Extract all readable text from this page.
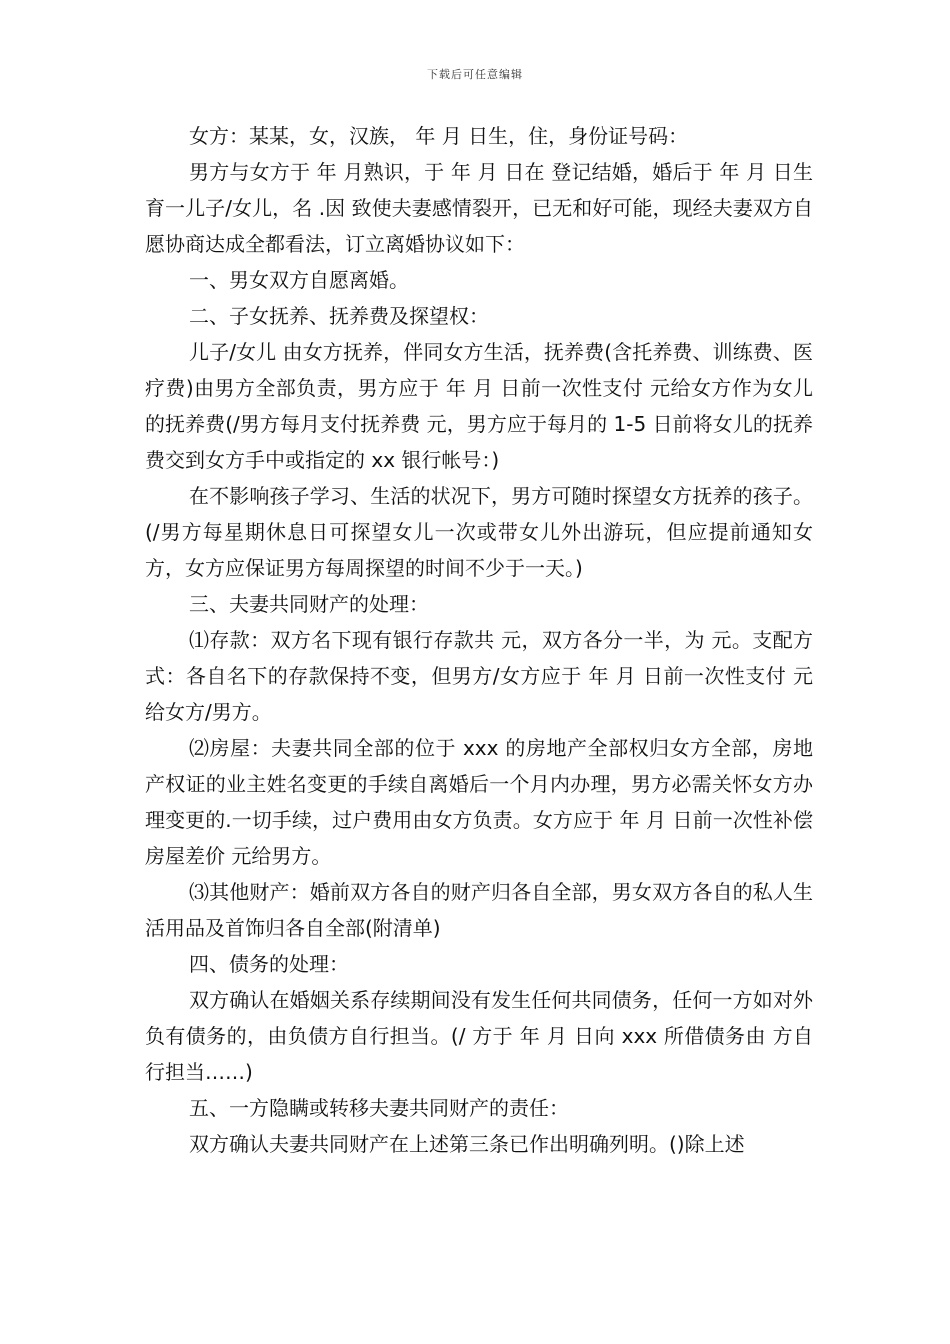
下载后可任意编辑

女方：某某，女，汉族， 年 月 日生，住，身份证号码：

男方与女方于 年 月熟识，于 年 月 日在 登记结婚，婚后于 年 月 日生育一儿子/女儿，名 .因 致使夫妻感情裂开，已无和好可能，现经夫妻双方自愿协商达成全都看法，订立离婚协议如下：

一、男女双方自愿离婚。

二、子女抚养、抚养费及探望权：

儿子/女儿 由女方抚养，伴同女方生活，抚养费(含托养费、训练费、医疗费)由男方全部负责，男方应于 年 月 日前一次性支付 元给女方作为女儿的抚养费(/男方每月支付抚养费 元，男方应于每月的 1-5 日前将女儿的抚养费交到女方手中或指定的 xx 银行帐号：)

在不影响孩子学习、生活的状况下，男方可随时探望女方抚养的孩子。(/男方每星期休息日可探望女儿一次或带女儿外出游玩，但应提前通知女方，女方应保证男方每周探望的时间不少于一天。)

三、夫妻共同财产的处理：

⑴存款：双方名下现有银行存款共 元，双方各分一半，为 元。支配方式：各自名下的存款保持不变，但男方/女方应于 年 月 日前一次性支付 元给女方/男方。

⑵房屋：夫妻共同全部的位于 xxx 的房地产全部权归女方全部，房地产权证的业主姓名变更的手续自离婚后一个月内办理，男方必需关怀女方办理变更的.一切手续，过户费用由女方负责。女方应于 年 月 日前一次性补偿房屋差价 元给男方。

⑶其他财产：婚前双方各自的财产归各自全部，男女双方各自的私人生活用品及首饰归各自全部(附清单)

四、债务的处理：

双方确认在婚姻关系存续期间没有发生任何共同债务，任何一方如对外负有债务的，由负债方自行担当。(/ 方于 年 月 日向 xxx 所借债务由 方自行担当……)

五、一方隐瞒或转移夫妻共同财产的责任：

双方确认夫妻共同财产在上述第三条已作出明确列明。()除上述
